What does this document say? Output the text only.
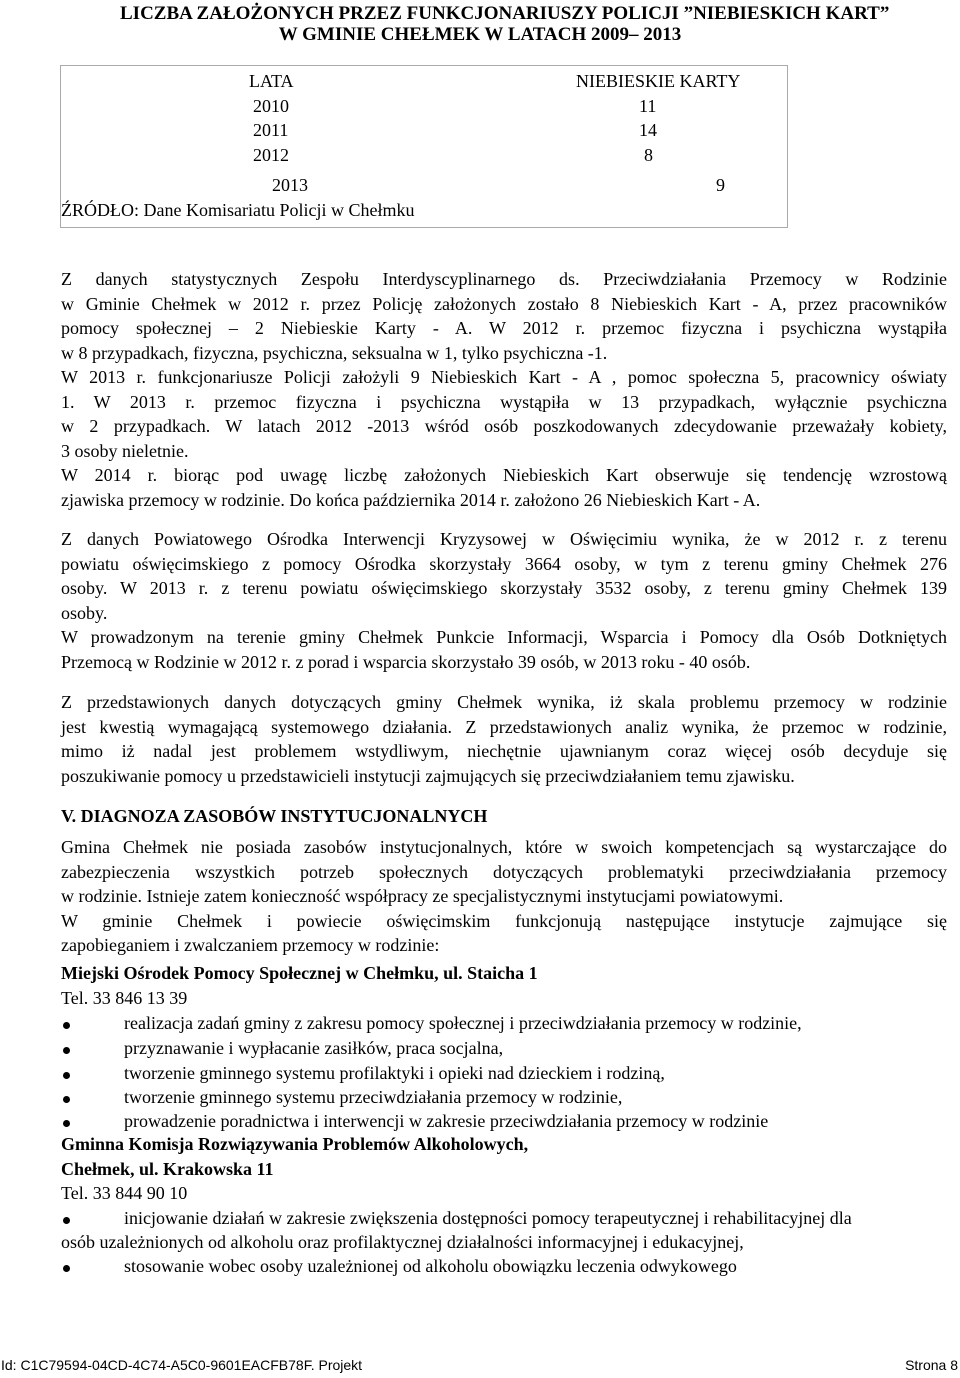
LICZBA ZAŁOŻONYCH PRZEZ FUNKCJONARIUSZY POLICJI ”NIEBIESKICH KART”
W GMINIE CHEŁMEK W LATACH 2009– 2013
LATA	NIEBIESKIE KARTY
2010	11
2011	14
2012	8
2013	9
ŹRÓDŁO: Dane Komisariatu Policji w Chełmku
Z danych statystycznych Zespołu Interdyscyplinarnego ds. Przeciwdziałania Przemocy w Rodzinie
w Gminie Chełmek w 2012 r. przez Policję założonych zostało 8 Niebieskich Kart - A, przez pracowników
pomocy społecznej – 2 Niebieskie Karty - A. W 2012 r. przemoc fizyczna i psychiczna wystąpiła
w 8 przypadkach, fizyczna, psychiczna, seksualna w 1, tylko psychiczna -1.
W 2013 r. funkcjonariusze Policji założyli 9 Niebieskich Kart - A , pomoc społeczna 5, pracownicy oświaty
1. W 2013 r. przemoc fizyczna i psychiczna wystąpiła w 13 przypadkach, wyłącznie psychiczna
w 2 przypadkach. W latach 2012 -2013 wśród osób poszkodowanych zdecydowanie przeważały kobiety,
3 osoby nieletnie.
W 2014 r. biorąc pod uwagę liczbę założonych Niebieskich Kart obserwuje się tendencję wzrostową
zjawiska przemocy w rodzinie. Do końca października 2014 r. założono 26 Niebieskich Kart - A.
Z danych Powiatowego Ośrodka Interwencji Kryzysowej w Oświęcimiu wynika, że w 2012 r. z terenu
powiatu oświęcimskiego z pomocy Ośrodka skorzystały 3664 osoby, w tym z terenu gminy Chełmek 276
osoby. W 2013 r. z terenu powiatu oświęcimskiego skorzystały 3532 osoby, z terenu gminy Chełmek 139
osoby.
W prowadzonym na terenie gminy Chełmek Punkcie Informacji, Wsparcia i Pomocy dla Osób Dotkniętych
Przemocą w Rodzinie w 2012 r. z porad i wsparcia skorzystało 39 osób, w 2013 roku - 40 osób.
Z przedstawionych danych dotyczących gminy Chełmek wynika, iż skala problemu przemocy w rodzinie
jest kwestią wymagającą systemowego działania. Z przedstawionych analiz wynika, że przemoc w rodzinie,
mimo iż nadal jest problemem wstydliwym, niechętnie ujawnianym coraz więcej osób decyduje się
poszukiwanie pomocy u przedstawicieli instytucji zajmujących się przeciwdziałaniem temu zjawisku.
V. DIAGNOZA ZASOBÓW INSTYTUCJONALNYCH
Gmina Chełmek nie posiada zasobów instytucjonalnych, które w swoich kompetencjach są wystarczające do
zabezpieczenia wszystkich potrzeb społecznych dotyczących problematyki przeciwdziałania przemocy
w rodzinie. Istnieje zatem konieczność współpracy ze specjalistycznymi instytucjami powiatowymi.
W gminie Chełmek i powiecie oświęcimskim funkcjonują następujące instytucje zajmujące się
zapobieganiem i zwalczaniem przemocy w rodzinie:
Miejski Ośrodek Pomocy Społecznej w Chełmku, ul. Staicha 1
Tel. 33 846 13 39
realizacja zadań gminy z zakresu pomocy społecznej i przeciwdziałania przemocy w rodzinie,
przyznawanie i wypłacanie zasiłków, praca socjalna,
tworzenie gminnego systemu profilaktyki i opieki nad dzieckiem i rodziną,
tworzenie gminnego systemu przeciwdziałania przemocy w rodzinie,
prowadzenie poradnictwa i interwencji w zakresie przeciwdziałania przemocy w rodzinie
Gminna Komisja Rozwiązywania Problemów Alkoholowych,
Chełmek, ul. Krakowska 11
Tel. 33 844 90 10
inicjowanie działań w zakresie zwiększenia dostępności pomocy terapeutycznej i rehabilitacyjnej dla
osób uzależnionych od alkoholu oraz profilaktycznej działalności informacyjnej i edukacyjnej,
stosowanie wobec osoby uzależnionej od alkoholu obowiązku leczenia odwykowego
Id: C1C79594-04CD-4C74-A5C0-9601EACFB78F. Projekt	Strona 8
